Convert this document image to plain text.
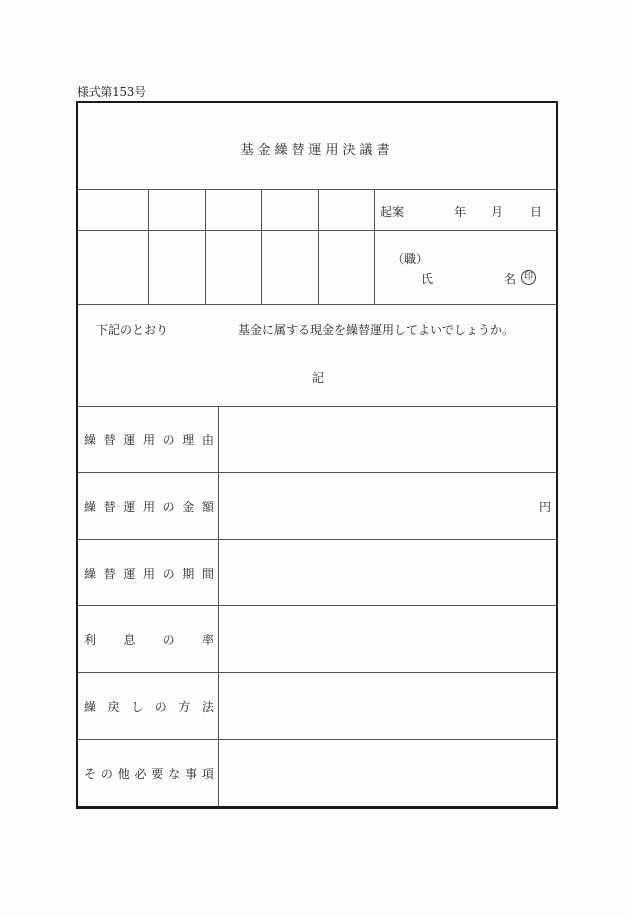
様式第153号
基金繰替運用決議書
起案	年 月 日
（職）
氏	名 印
下記のとおり	基金に属する現金を繰替運用してよいでしょうか。
記
繰 替 運 用 の 理 由
繰 替 運 用 の 金 額	円
繰 替 運 用 の 期 間
利 息 の 率
繰 戻 し の 方 法
そ の 他 必 要 な 事 項
